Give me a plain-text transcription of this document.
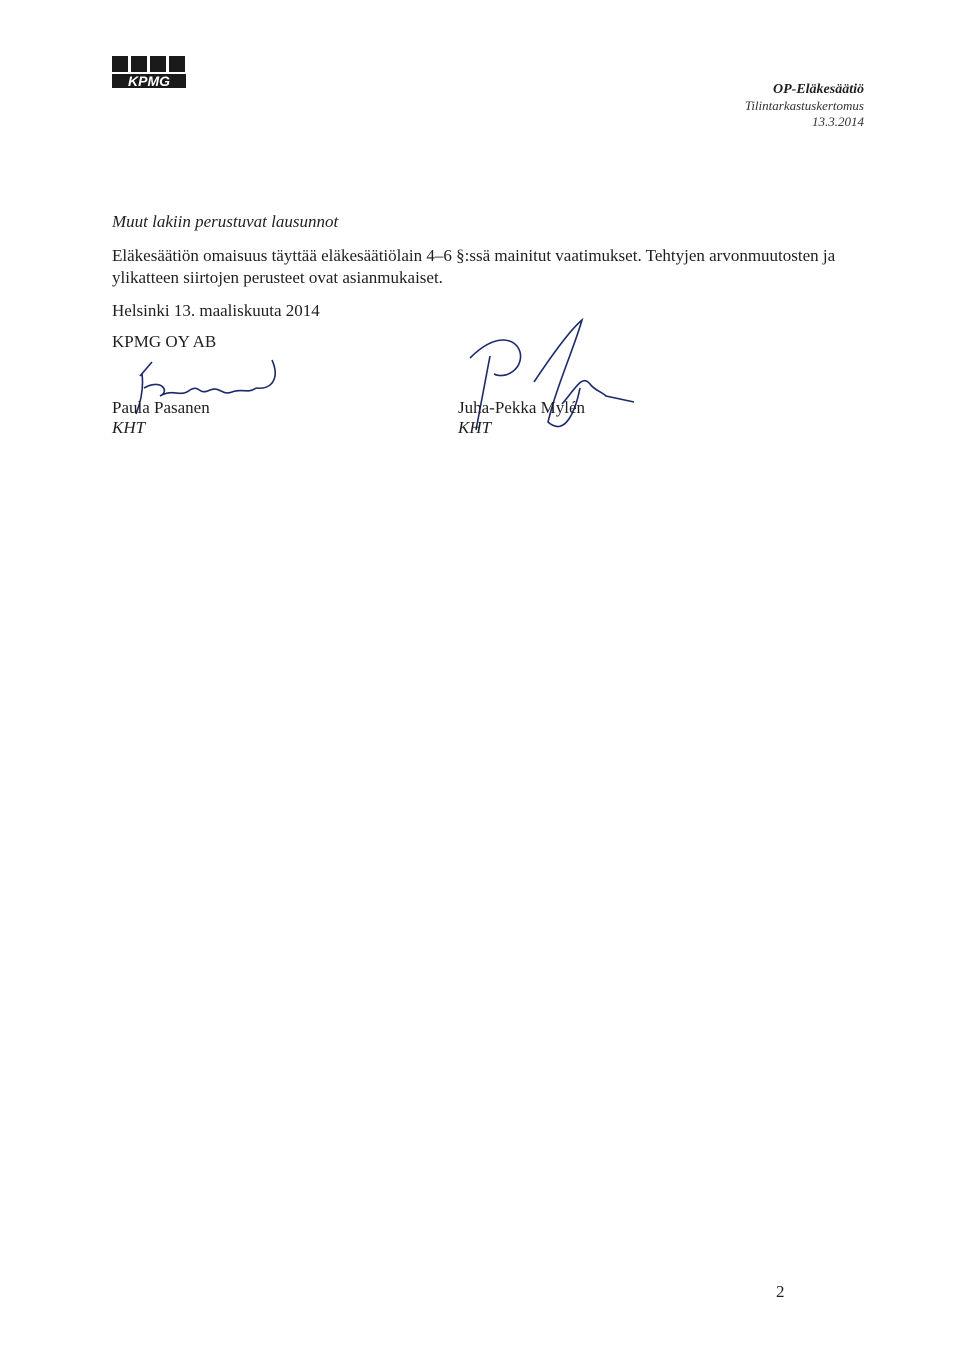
KPMG
OP-Eläkesäätiö
Tilintarkastuskertomus
13.3.2014
Muut lakiin perustuvat lausunnot
Eläkesäätiön omaisuus täyttää eläkesäätiölain 4–6 §:ssä mainitut vaatimukset. Tehtyjen arvonmuutosten ja ylikatteen siirtojen perusteet ovat asianmukaiset.
Helsinki 13. maaliskuuta 2014
KPMG OY AB
Paula Pasanen
KHT
Juha-Pekka Mylén
KHT
2
